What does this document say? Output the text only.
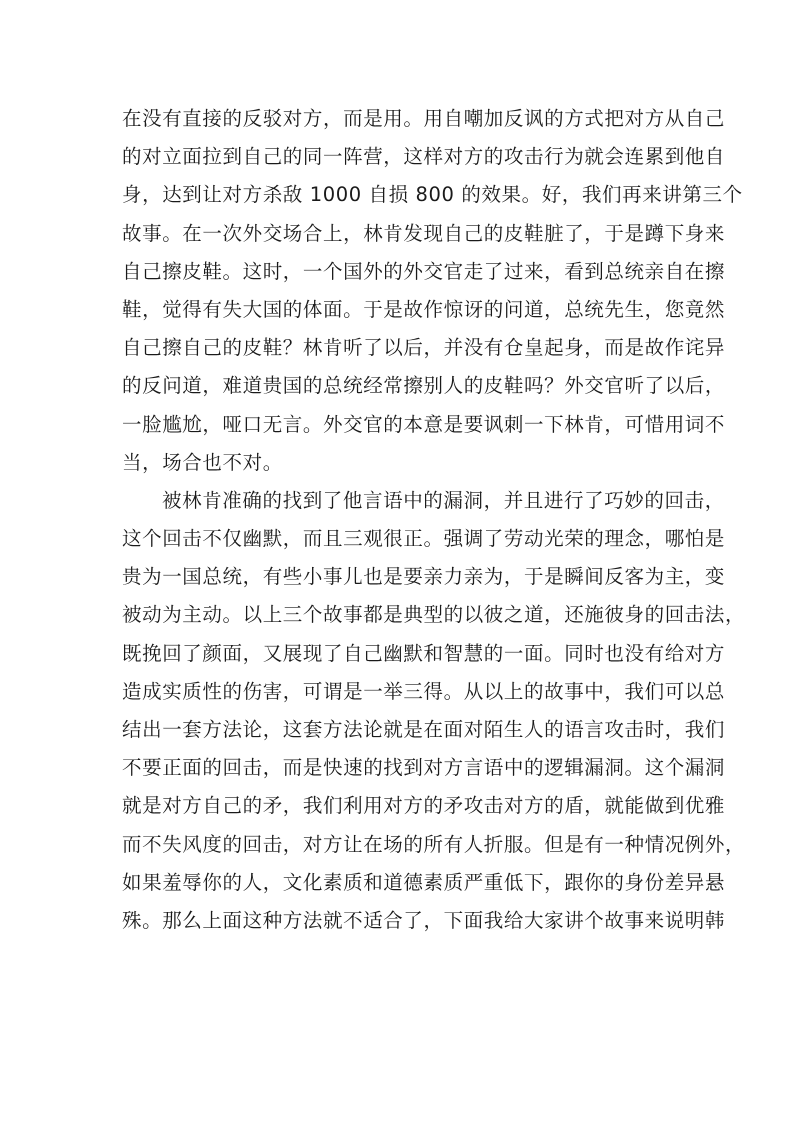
在没有直接的反驳对方，而是用。用自嘲加反讽的方式把对方从自己
的对立面拉到自己的同一阵营，这样对方的攻击行为就会连累到他自
身，达到让对方杀敌 1000 自损 800 的效果。好，我们再来讲第三个
故事。在一次外交场合上，林肯发现自己的皮鞋脏了，于是蹲下身来
自己擦皮鞋。这时，一个国外的外交官走了过来，看到总统亲自在擦
鞋，觉得有失大国的体面。于是故作惊讶的问道，总统先生，您竟然
自己擦自己的皮鞋？林肯听了以后，并没有仓皇起身，而是故作诧异
的反问道，难道贵国的总统经常擦别人的皮鞋吗？外交官听了以后，
一脸尴尬，哑口无言。外交官的本意是要讽刺一下林肯，可惜用词不
当，场合也不对。
被林肯准确的找到了他言语中的漏洞，并且进行了巧妙的回击，
这个回击不仅幽默，而且三观很正。强调了劳动光荣的理念，哪怕是
贵为一国总统，有些小事儿也是要亲力亲为，于是瞬间反客为主，变
被动为主动。以上三个故事都是典型的以彼之道，还施彼身的回击法，
既挽回了颜面，又展现了自己幽默和智慧的一面。同时也没有给对方
造成实质性的伤害，可谓是一举三得。从以上的故事中，我们可以总
结出一套方法论，这套方法论就是在面对陌生人的语言攻击时，我们
不要正面的回击，而是快速的找到对方言语中的逻辑漏洞。这个漏洞
就是对方自己的矛，我们利用对方的矛攻击对方的盾，就能做到优雅
而不失风度的回击，对方让在场的所有人折服。但是有一种情况例外，
如果羞辱你的人，文化素质和道德素质严重低下，跟你的身份差异悬
殊。那么上面这种方法就不适合了，下面我给大家讲个故事来说明韩
